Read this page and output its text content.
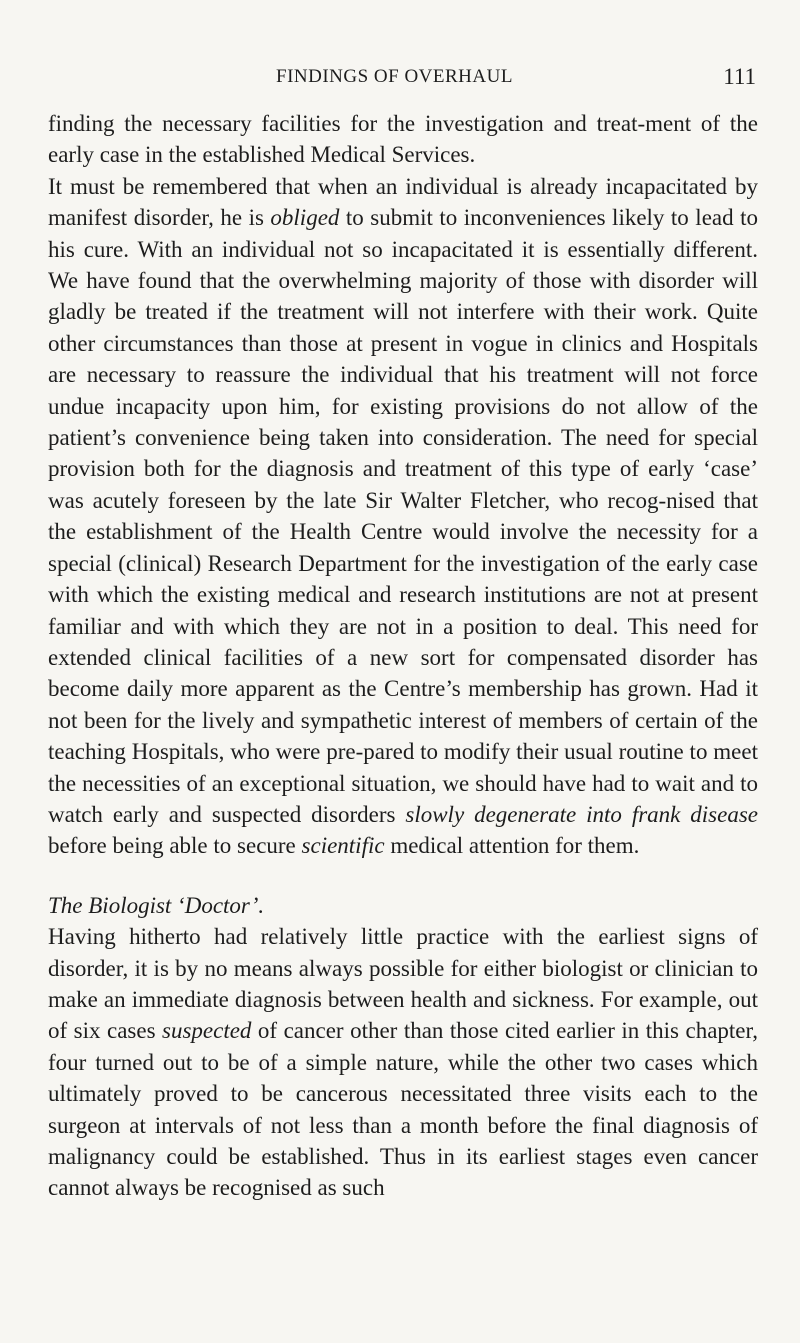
FINDINGS OF OVERHAUL	111

finding the necessary facilities for the investigation and treat-ment of the early case in the established Medical Services.

It must be remembered that when an individual is already incapacitated by manifest disorder, he is obliged to submit to inconveniences likely to lead to his cure. With an individual not so incapacitated it is essentially different. We have found that the overwhelming majority of those with disorder will gladly be treated if the treatment will not interfere with their work. Quite other circumstances than those at present in vogue in clinics and Hospitals are necessary to reassure the individual that his treatment will not force undue incapacity upon him, for existing provisions do not allow of the patient’s convenience being taken into consideration. The need for special provision both for the diagnosis and treatment of this type of early ‘case’ was acutely foreseen by the late Sir Walter Fletcher, who recog-nised that the establishment of the Health Centre would involve the necessity for a special (clinical) Research Department for the investigation of the early case with which the existing medical and research institutions are not at present familiar and with which they are not in a position to deal. This need for extended clinical facilities of a new sort for compensated disorder has become daily more apparent as the Centre’s membership has grown. Had it not been for the lively and sympathetic interest of members of certain of the teaching Hospitals, who were pre-pared to modify their usual routine to meet the necessities of an exceptional situation, we should have had to wait and to watch early and suspected disorders slowly degenerate into frank disease before being able to secure scientific medical attention for them.

The Biologist ‘Doctor’.

Having hitherto had relatively little practice with the earliest signs of disorder, it is by no means always possible for either biologist or clinician to make an immediate diagnosis between health and sickness. For example, out of six cases suspected of cancer other than those cited earlier in this chapter, four turned out to be of a simple nature, while the other two cases which ultimately proved to be cancerous necessitated three visits each to the surgeon at intervals of not less than a month before the final diagnosis of malignancy could be established. Thus in its earliest stages even cancer cannot always be recognised as such
